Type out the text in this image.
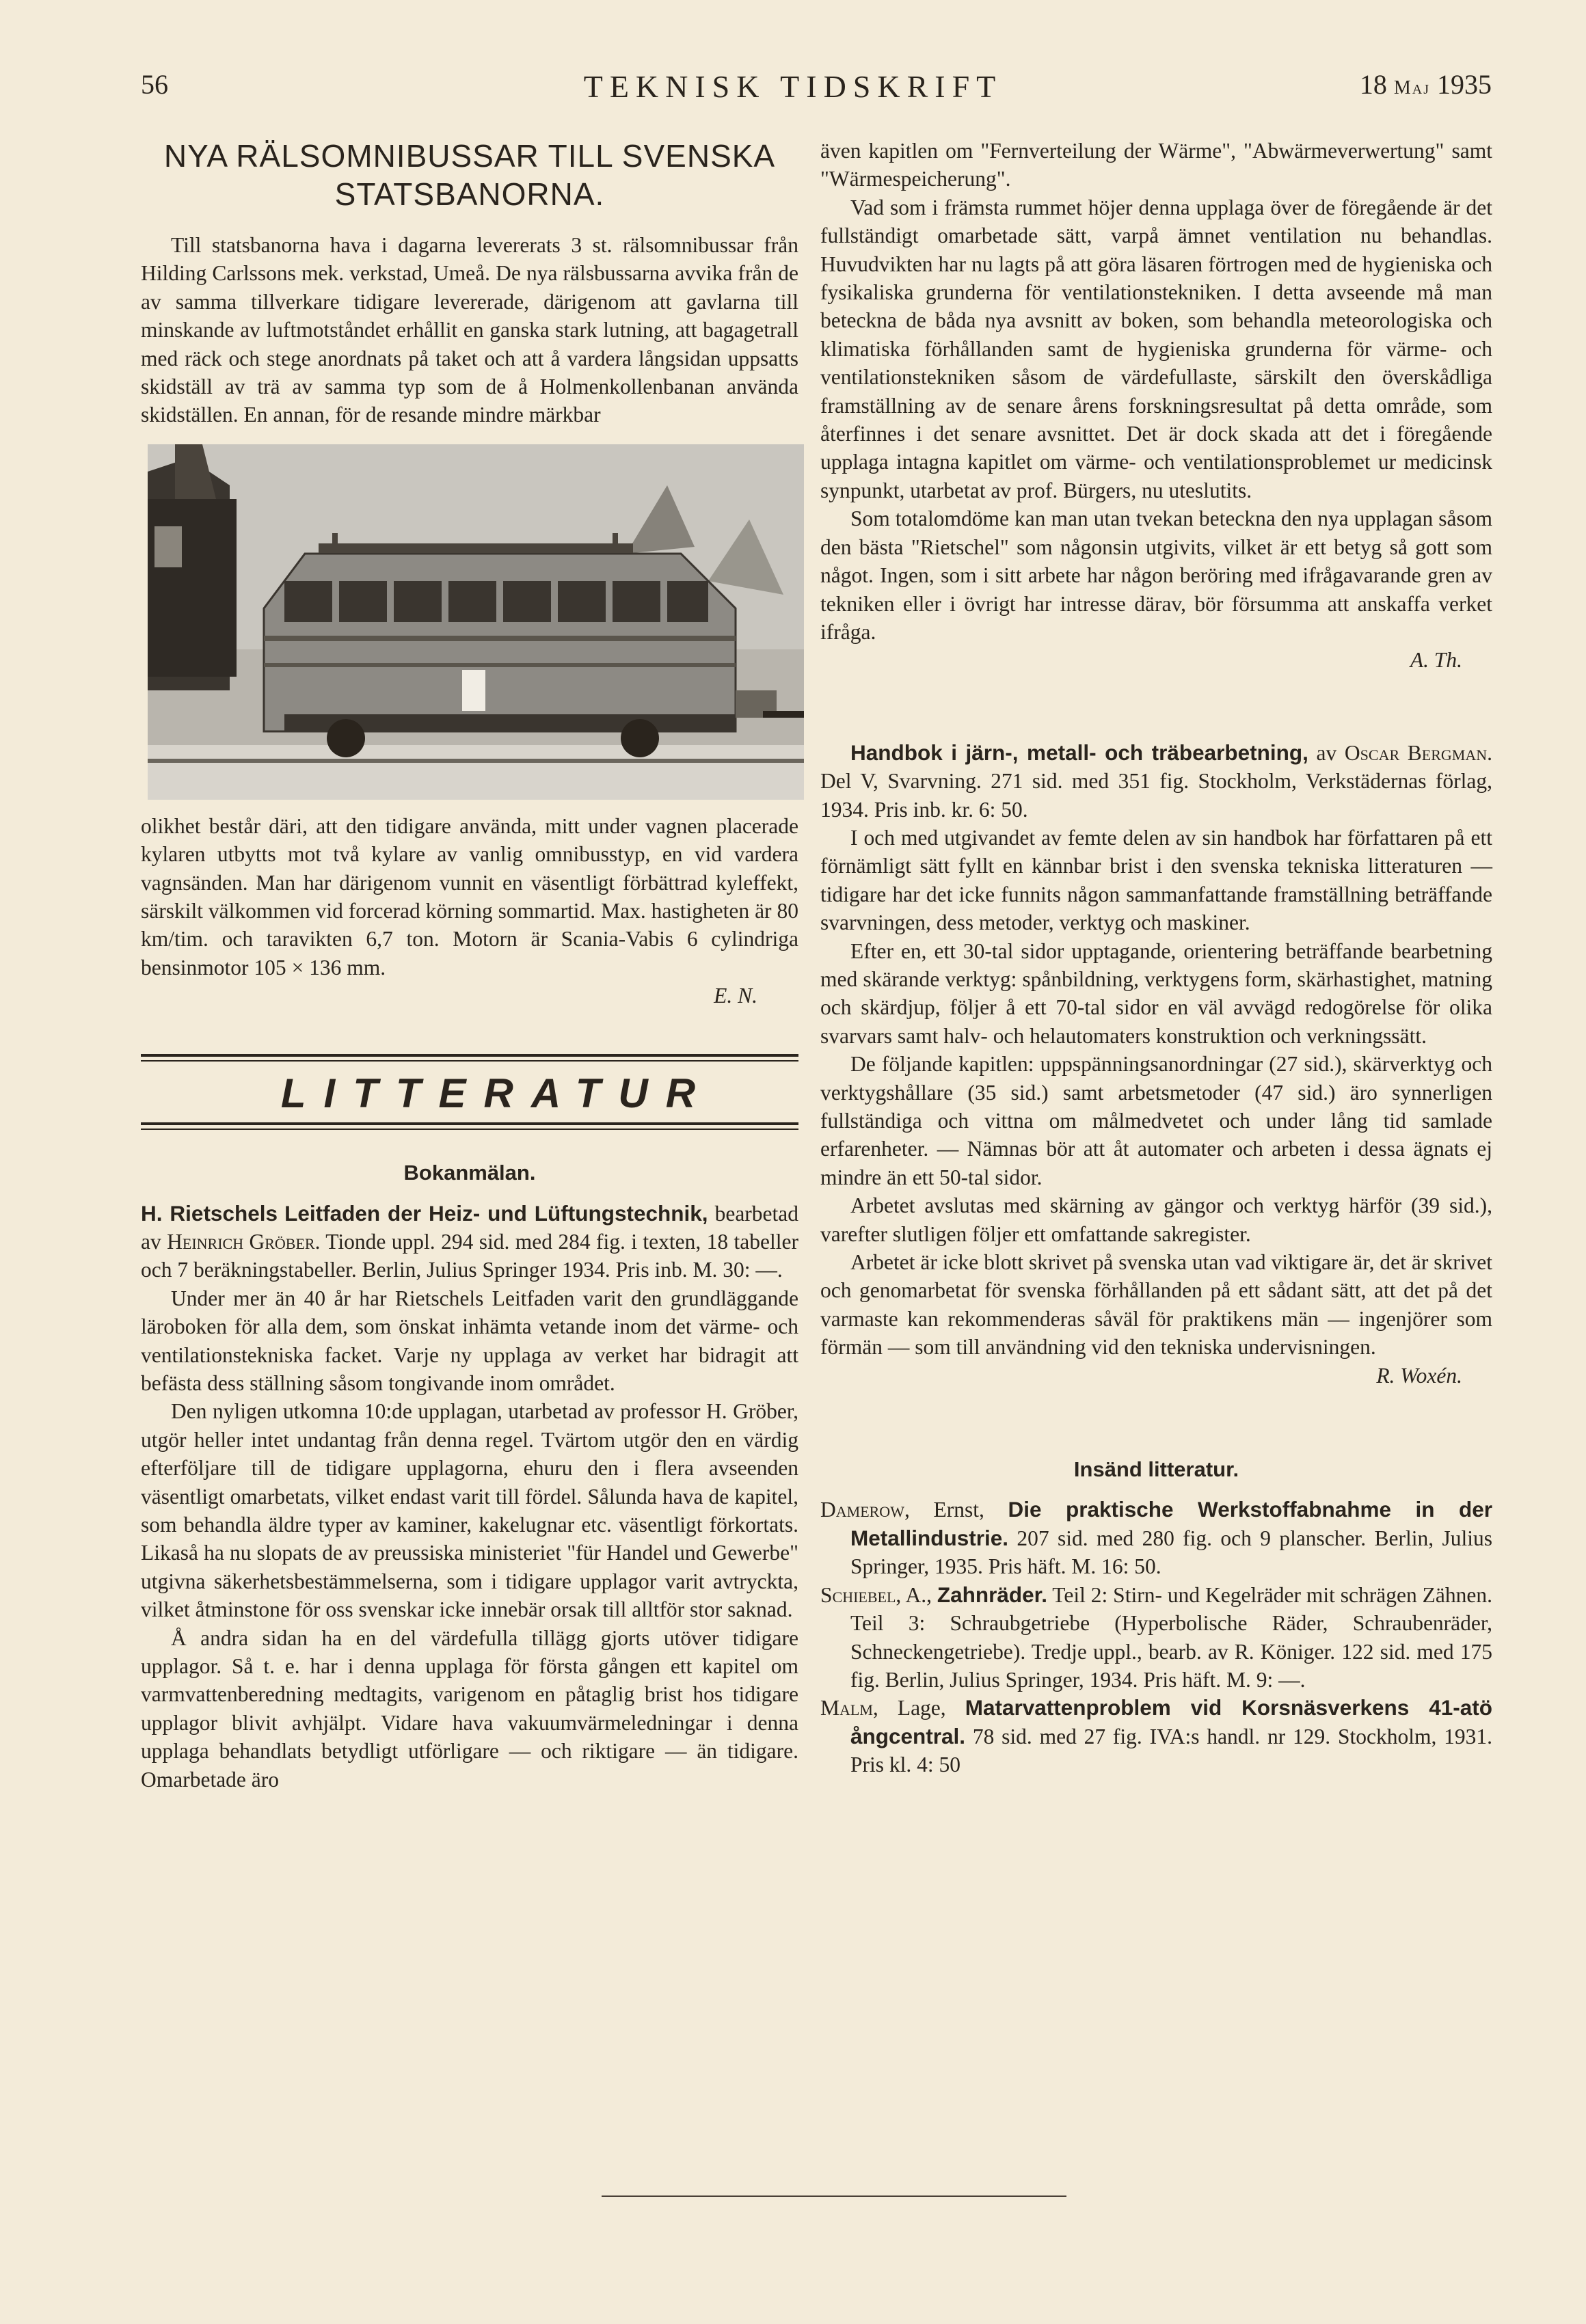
56	TEKNISK TIDSKRIFT	18 Maj 1935
NYA RÄLSOMNIBUSSAR TILL SVENSKA
STATSBANORNA.

Till statsbanorna hava i dagarna levererats 3 st. rälsomnibussar från Hilding Carlssons mek. verkstad, Umeå. De nya rälsbussarna avvika från de av samma tillverkare tidigare levererade, därigenom att gavlarna till minskande av luftmotståndet erhållit en ganska stark lutning, att bagagetrall med räck och stege anordnats på taket och att å vardera långsidan uppsatts skidställ av trä av samma typ som de å Holmenkollenbanan använda skidställen. En annan, för de resande mindre märkbar

olikhet består däri, att den tidigare använda, mitt under vagnen placerade kylaren utbytts mot två kylare av vanlig omnibusstyp, en vid vardera vagnsänden. Man har därigenom vunnit en väsentligt förbättrad kyleffekt, särskilt välkommen vid forcerad körning sommartid. Max. hastigheten är 80 km/tim. och taravikten 6,7 ton. Motorn är Scania-Vabis 6 cylindriga bensinmotor 105 × 136 mm.

E. N.
LITTERATUR
Bokanmälan.

H. Rietschels Leitfaden der Heiz- und Lüftungstechnik, bearbetad av Heinrich Gröber. Tionde uppl. 294 sid. med 284 fig. i texten, 18 tabeller och 7 beräkningstabeller. Berlin, Julius Springer 1934. Pris inb. M. 30: —.

Under mer än 40 år har Rietschels Leitfaden varit den grundläggande läroboken för alla dem, som önskat inhämta vetande inom det värme- och ventilationstekniska facket. Varje ny upplaga av verket har bidragit att befästa dess ställning såsom tongivande inom området.

Den nyligen utkomna 10:de upplagan, utarbetad av professor H. Gröber, utgör heller intet undantag från denna regel. Tvärtom utgör den en värdig efterföljare till de tidigare upplagorna, ehuru den i flera avseenden väsentligt omarbetats, vilket endast varit till fördel. Sålunda hava de kapitel, som behandla äldre typer av kaminer, kakelugnar etc. väsentligt förkortats. Likaså ha nu slopats de av preussiska ministeriet "für Handel und Gewerbe" utgivna säkerhetsbestämmelserna, som i tidigare upplagor varit avtryckta, vilket åtminstone för oss svenskar icke innebär orsak till alltför stor saknad.

Å andra sidan ha en del värdefulla tillägg gjorts utöver tidigare upplagor. Så t. e. har i denna upplaga för första gången ett kapitel om varmvattenberedning medtagits, varigenom en påtaglig brist hos tidigare upplagor blivit avhjälpt. Vidare hava vakuumvärmeledningar i denna upplaga behandlats betydligt utförligare — och riktigare — än tidigare. Omarbetade äro

även kapitlen om "Fernverteilung der Wärme", "Abwärmeverwertung" samt "Wärmespeicherung".

Vad som i främsta rummet höjer denna upplaga över de föregående är det fullständigt omarbetade sätt, varpå ämnet ventilation nu behandlas. Huvudvikten har nu lagts på att göra läsaren förtrogen med de hygieniska och fysikaliska grunderna för ventilationstekniken. I detta avseende må man beteckna de båda nya avsnitt av boken, som behandla meteorologiska och klimatiska förhållanden samt de hygieniska grunderna för värme- och ventilationstekniken såsom de värdefullaste, särskilt den överskådliga framställning av de senare årens forskningsresultat på detta område, som återfinnes i det senare avsnittet. Det är dock skada att det i föregående upplaga intagna kapitlet om värme- och ventilationsproblemet ur medicinsk synpunkt, utarbetat av prof. Bürgers, nu uteslutits.

Som totalomdöme kan man utan tvekan beteckna den nya upplagan såsom den bästa "Rietschel" som någonsin utgivits, vilket är ett betyg så gott som något. Ingen, som i sitt arbete har någon beröring med ifrågavarande gren av tekniken eller i övrigt har intresse därav, bör försumma att anskaffa verket ifråga.

A. Th.

Handbok i järn-, metall- och träbearbetning, av Oscar Bergman. Del V, Svarvning. 271 sid. med 351 fig. Stockholm, Verkstädernas förlag, 1934. Pris inb. kr. 6: 50.

I och med utgivandet av femte delen av sin handbok har författaren på ett förnämligt sätt fyllt en kännbar brist i den svenska tekniska litteraturen — tidigare har det icke funnits någon sammanfattande framställning beträffande svarvningen, dess metoder, verktyg och maskiner.

Efter en, ett 30-tal sidor upptagande, orientering beträffande bearbetning med skärande verktyg: spånbildning, verktygens form, skärhastighet, matning och skärdjup, följer å ett 70-tal sidor en väl avvägd redogörelse för olika svarvars samt halv- och helautomaters konstruktion och verkningssätt.

De följande kapitlen: uppspänningsanordningar (27 sid.), skärverktyg och verktygshållare (35 sid.) samt arbetsmetoder (47 sid.) äro synnerligen fullständiga och vittna om målmedvetet och under lång tid samlade erfarenheter. — Nämnas bör att åt automater och arbeten i dessa ägnats ej mindre än ett 50-tal sidor.

Arbetet avslutas med skärning av gängor och verktyg härför (39 sid.), varefter slutligen följer ett omfattande sakregister.

Arbetet är icke blott skrivet på svenska utan vad viktigare är, det är skrivet och genomarbetat för svenska förhållanden på ett sådant sätt, att det på det varmaste kan rekommenderas såväl för praktikens män — ingenjörer som förmän — som till användning vid den tekniska undervisningen.

R. Woxén.
Insänd litteratur.

Damerow, Ernst, Die praktische Werkstoffabnahme in der Metallindustrie. 207 sid. med 280 fig. och 9 planscher. Berlin, Julius Springer, 1935. Pris häft. M. 16: 50.

Schiebel, A., Zahnräder. Teil 2: Stirn- und Kegelräder mit schrägen Zähnen. Teil 3: Schraubgetriebe (Hyperbolische Räder, Schraubenräder, Schneckengetriebe). Tredje uppl., bearb. av R. Königer. 122 sid. med 175 fig. Berlin, Julius Springer, 1934. Pris häft. M. 9: —.

Malm, Lage, Matarvattenproblem vid Korsnäsverkens 41-atö ångcentral. 78 sid. med 27 fig. IVA:s handl. nr 129. Stockholm, 1931. Pris kl. 4: 50
